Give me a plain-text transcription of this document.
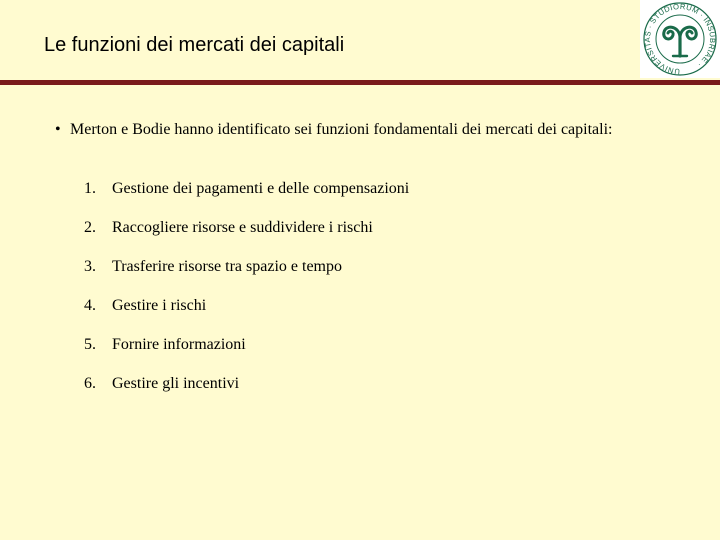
Le funzioni dei mercati dei capitali
UNIVERSITAS · STUDIORUM · INSUBRIAE ·
• Merton e Bodie hanno identificato sei funzioni fondamentali dei mercati dei capitali:
1. Gestione dei pagamenti e delle compensazioni
2. Raccogliere risorse e suddividere i rischi
3. Trasferire risorse tra spazio e tempo
4. Gestire i rischi
5. Fornire informazioni
6. Gestire gli incentivi
